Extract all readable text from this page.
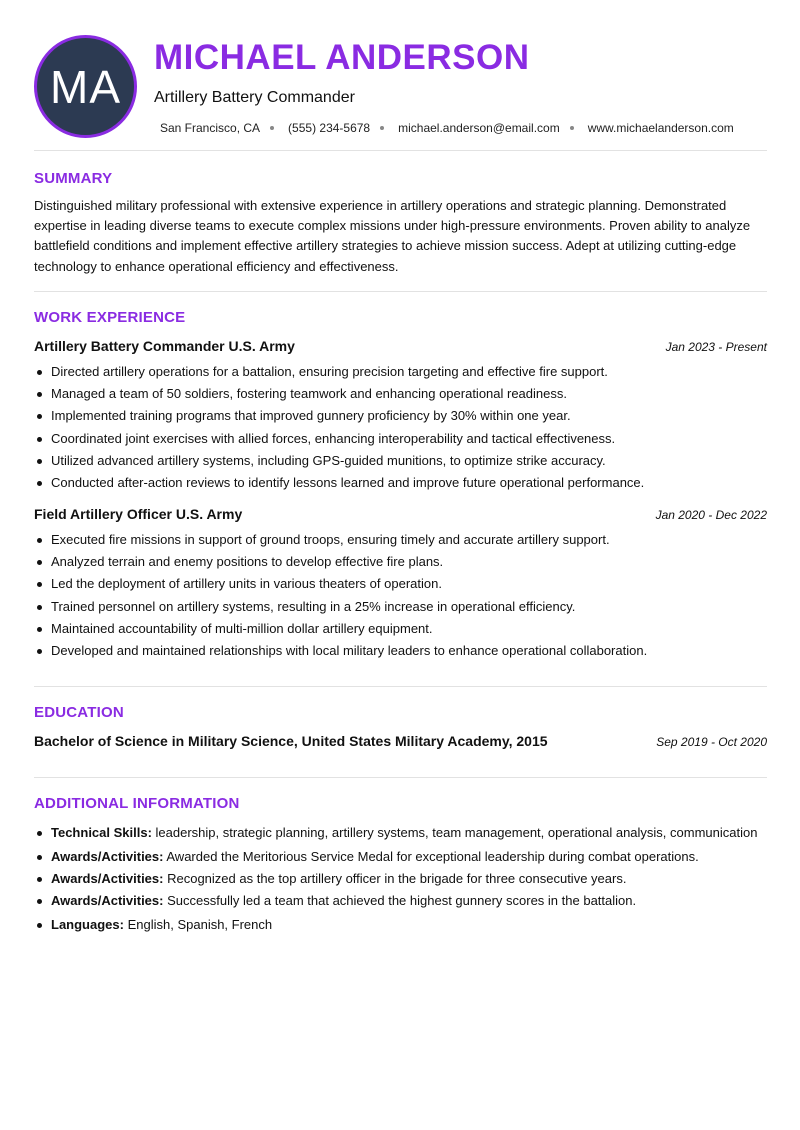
MA
MICHAEL ANDERSON
Artillery Battery Commander
San Francisco, CA (555) 234-5678 michael.anderson@email.com www.michaelanderson.com
SUMMARY
Distinguished military professional with extensive experience in artillery operations and strategic planning. Demonstrated expertise in leading diverse teams to execute complex missions under high-pressure environments. Proven ability to analyze battlefield conditions and implement effective artillery strategies to achieve mission success. Adept at utilizing cutting-edge technology to enhance operational efficiency and effectiveness.
WORK EXPERIENCE
Artillery Battery Commander U.S. Army	Jan 2023 - Present
Directed artillery operations for a battalion, ensuring precision targeting and effective fire support.
Managed a team of 50 soldiers, fostering teamwork and enhancing operational readiness.
Implemented training programs that improved gunnery proficiency by 30% within one year.
Coordinated joint exercises with allied forces, enhancing interoperability and tactical effectiveness.
Utilized advanced artillery systems, including GPS-guided munitions, to optimize strike accuracy.
Conducted after-action reviews to identify lessons learned and improve future operational performance.
Field Artillery Officer U.S. Army	Jan 2020 - Dec 2022
Executed fire missions in support of ground troops, ensuring timely and accurate artillery support.
Analyzed terrain and enemy positions to develop effective fire plans.
Led the deployment of artillery units in various theaters of operation.
Trained personnel on artillery systems, resulting in a 25% increase in operational efficiency.
Maintained accountability of multi-million dollar artillery equipment.
Developed and maintained relationships with local military leaders to enhance operational collaboration.
EDUCATION
Bachelor of Science in Military Science, United States Military Academy, 2015	Sep 2019 - Oct 2020
ADDITIONAL INFORMATION
Technical Skills: leadership, strategic planning, artillery systems, team management, operational analysis, communication
Awards/Activities: Awarded the Meritorious Service Medal for exceptional leadership during combat operations.
Awards/Activities: Recognized as the top artillery officer in the brigade for three consecutive years.
Awards/Activities: Successfully led a team that achieved the highest gunnery scores in the battalion.
Languages: English, Spanish, French
